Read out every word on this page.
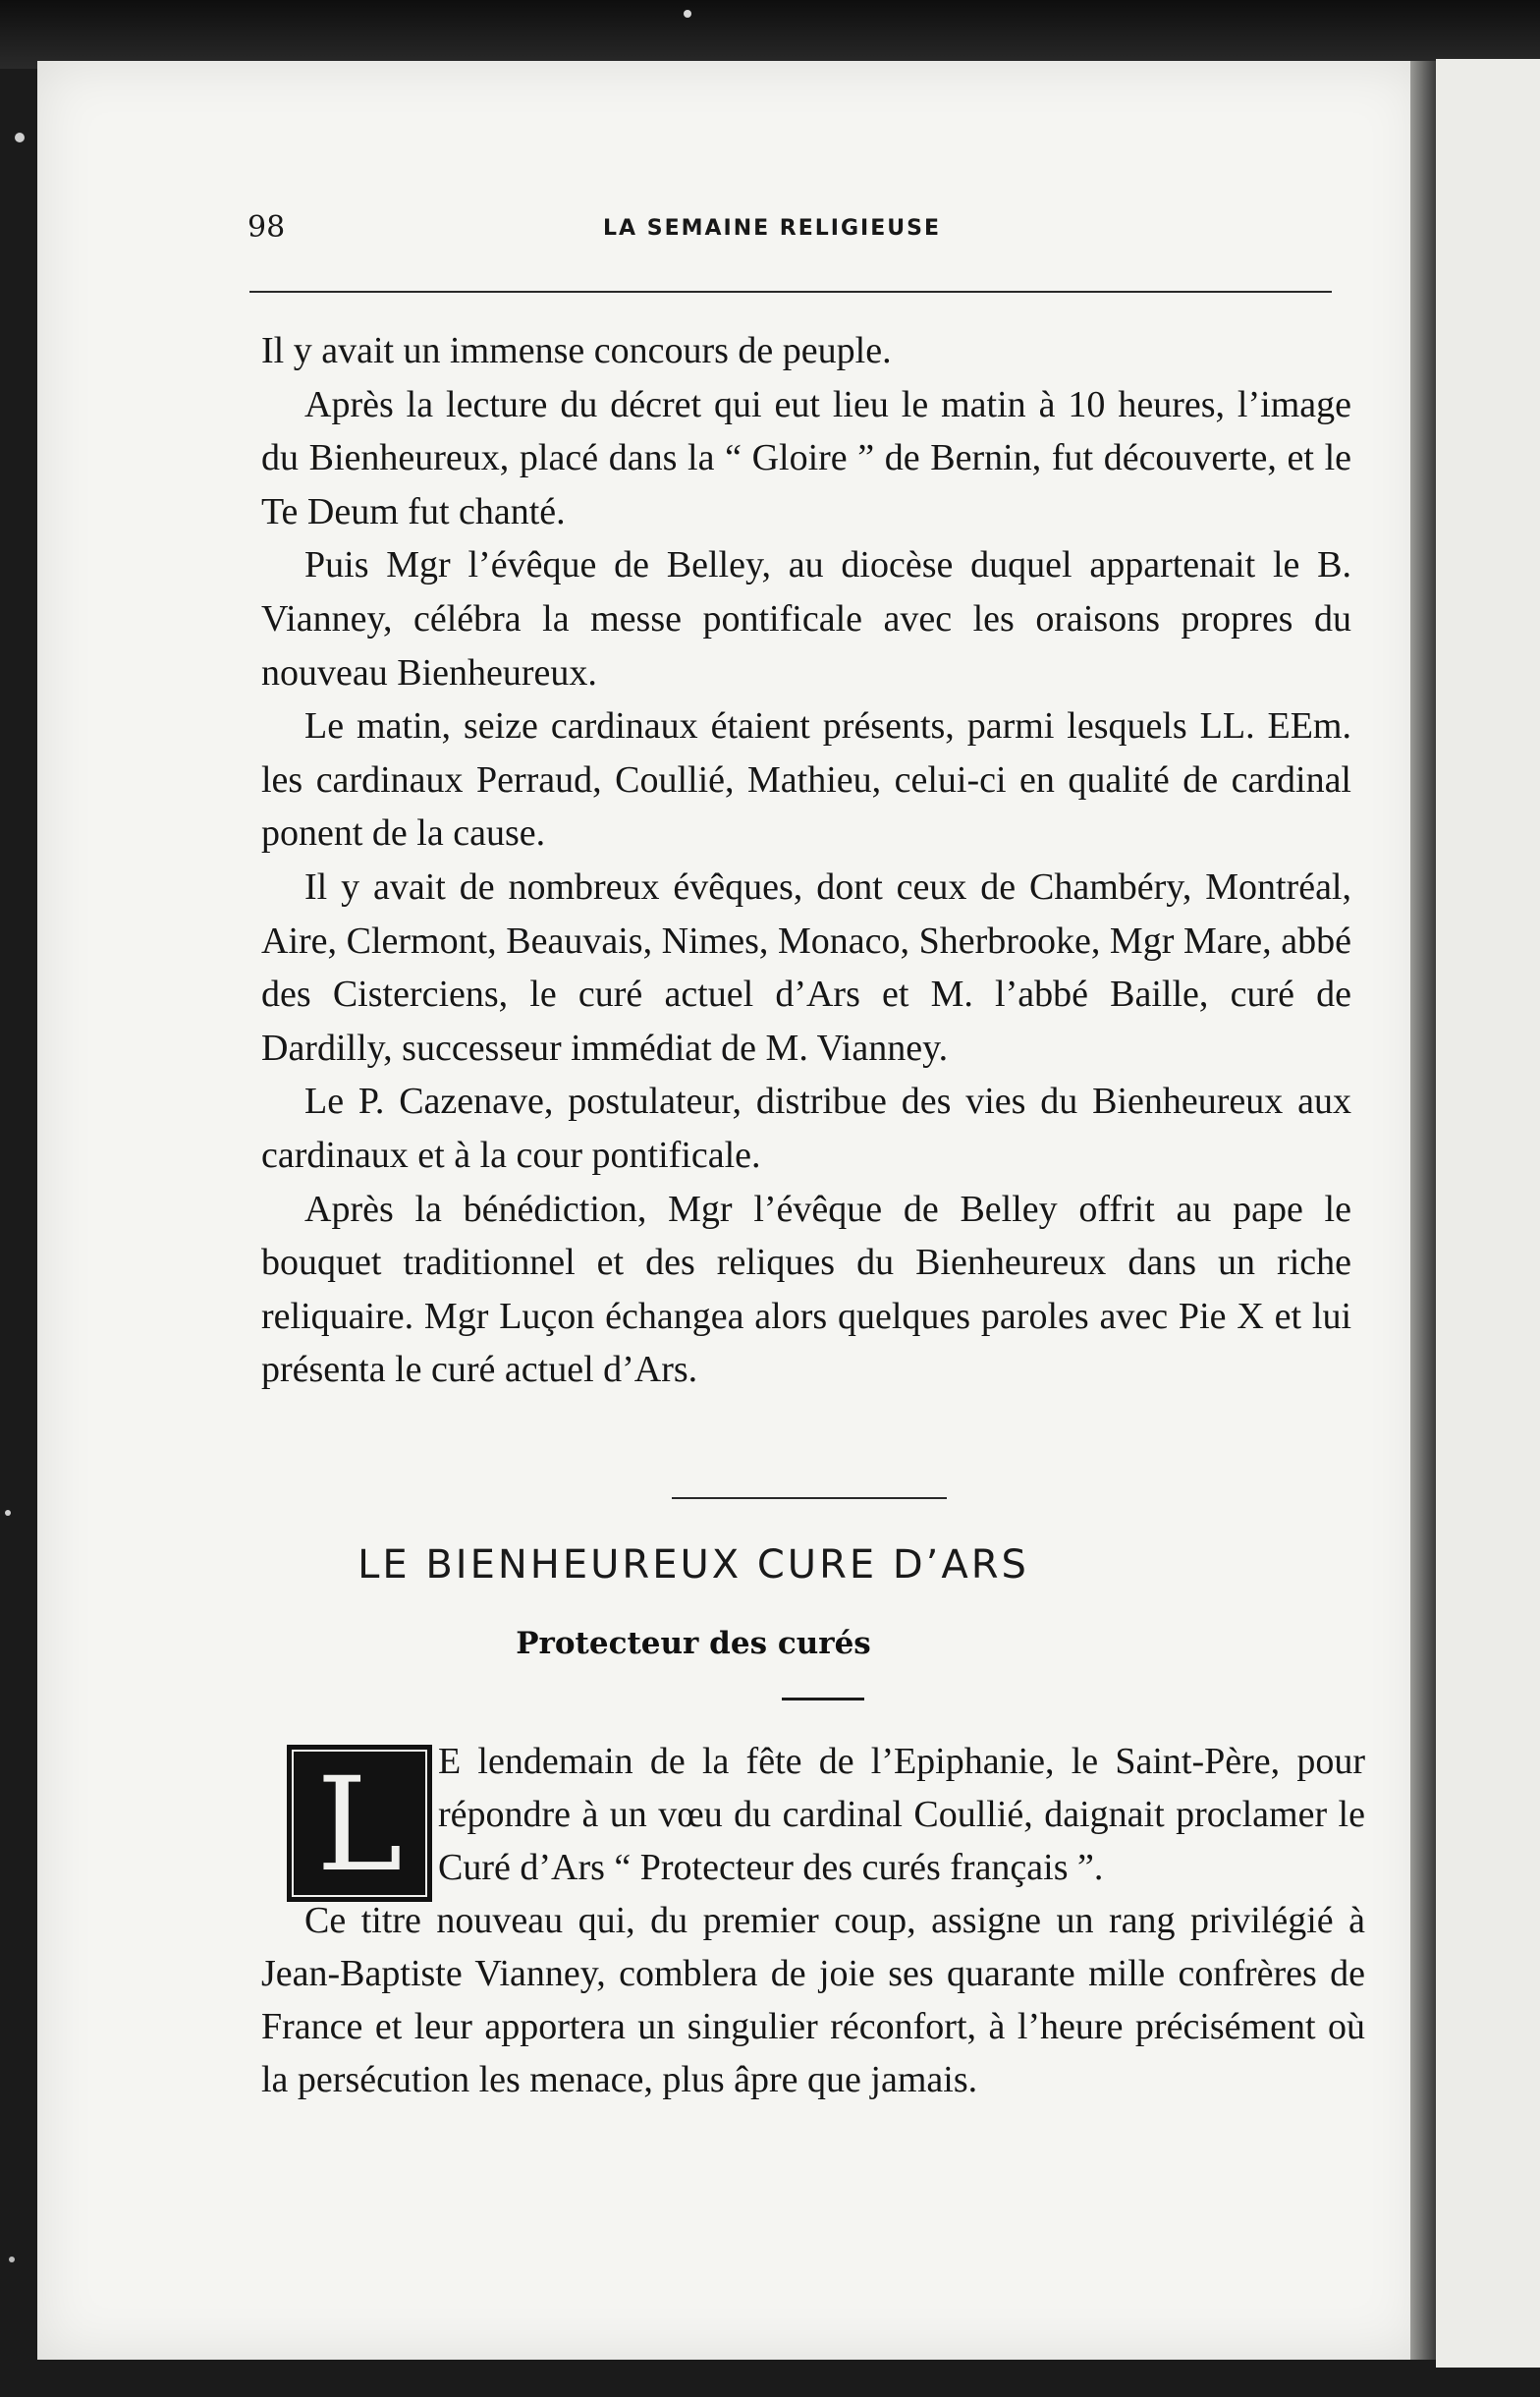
98	LA SEMAINE RELIGIEUSE

Il y avait un immense concours de peuple.

Après la lecture du décret qui eut lieu le matin à 10 heures, l’image du Bienheureux, placé dans la “ Gloire ” de Bernin, fut découverte, et le Te Deum fut chanté.

Puis Mgr l’évêque de Belley, au diocèse duquel appartenait le B. Vianney, célébra la messe pontificale avec les oraisons propres du nouveau Bienheureux.

Le matin, seize cardinaux étaient présents, parmi lesquels LL. EEm. les cardinaux Perraud, Coullié, Mathieu, celui-ci en qualité de cardinal ponent de la cause.

Il y avait de nombreux évêques, dont ceux de Chambéry, Montréal, Aire, Clermont, Beauvais, Nimes, Monaco, Sherbrooke, Mgr Mare, abbé des Cisterciens, le curé actuel d’Ars et M. l’abbé Baille, curé de Dardilly, successeur immédiat de M. Vianney.

Le P. Cazenave, postulateur, distribue des vies du Bienheureux aux cardinaux et à la cour pontificale.

Après la bénédiction, Mgr l’évêque de Belley offrit au pape le bouquet traditionnel et des reliques du Bienheureux dans un riche reliquaire. Mgr Luçon échangea alors quelques paroles avec Pie X et lui présenta le curé actuel d’Ars.

LE BIENHEUREUX CURE D’ARS
Protecteur des curés
L E lendemain de la fête de l’Epiphanie, le Saint-Père, pour répondre à un vœu du cardinal Coullié, daignait proclamer le Curé d’Ars “ Protecteur des curés français ”.

Ce titre nouveau qui, du premier coup, assigne un rang privilégié à Jean-Baptiste Vianney, comblera de joie ses quarante mille confrères de France et leur apportera un singulier réconfort, à l’heure précisément où la persécution les menace, plus âpre que jamais.
